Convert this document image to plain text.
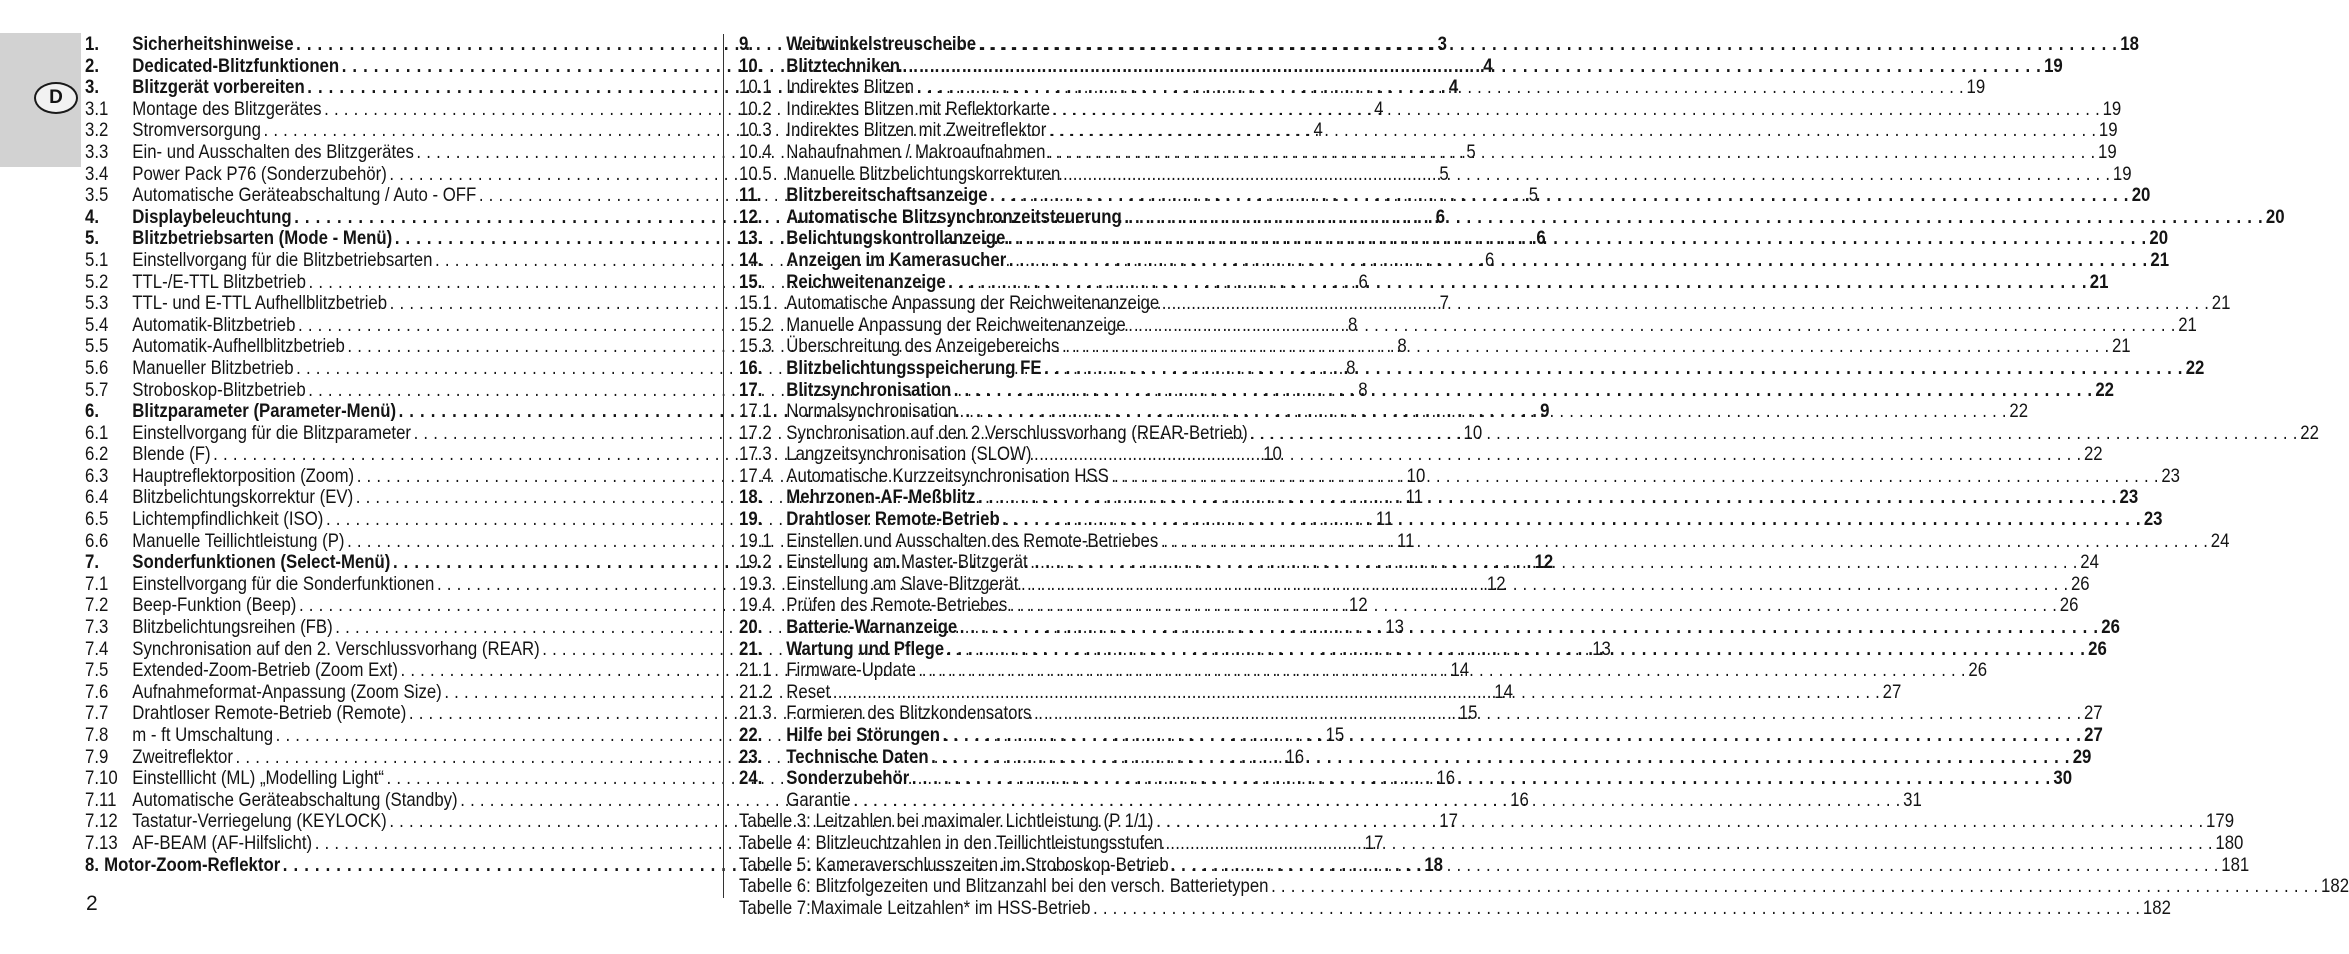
D
1.	Sicherheitshinweise . . .	3
2.	Dedicated-Blitzfunktionen . . .	4
3.	Blitzgerät vorbereiten . . .	4
3.1	Montage des Blitzgerätes . . .	4
3.2	Stromversorgung . . .	4
3.3	Ein- und Ausschalten des Blitzgerätes . . .	5
3.4	Power Pack P76 (Sonderzubehör) . . .	5
3.5	Automatische Geräteabschaltung / Auto - OFF . . .	5
4.	Displaybeleuchtung . . .	6
5.	Blitzbetriebsarten (Mode - Menü) . . .	6
5.1	Einstellvorgang für die Blitzbetriebsarten . . .	6
5.2	TTL-/E-TTL Blitzbetrieb . . .	6
5.3	TTL- und E-TTL Aufhellblitzbetrieb . . .	7
5.4	Automatik-Blitzbetrieb . . .	8
5.5	Automatik-Aufhellblitzbetrieb . . .	8
5.6	Manueller Blitzbetrieb . . .	8
5.7	Stroboskop-Blitzbetrieb . . .	8
6.	Blitzparameter (Parameter-Menü) . . .	9
6.1	Einstellvorgang für die Blitzparameter . . .	10
6.2	Blende (F) . . .	10
6.3	Hauptreflektorposition (Zoom) . . .	10
6.4	Blitzbelichtungskorrektur (EV) . . .	11
6.5	Lichtempfindlichkeit (ISO) . . .	11
6.6	Manuelle Teillichtleistung (P) . . .	11
7.	Sonderfunktionen (Select-Menü) . . .	12
7.1	Einstellvorgang für die Sonderfunktionen . . .	12
7.2	Beep-Funktion (Beep) . . .	12
7.3	Blitzbelichtungsreihen (FB) . . .	13
7.4	Synchronisation auf den 2. Verschlussvorhang (REAR) . . .	13
7.5	Extended-Zoom-Betrieb (Zoom Ext) . . .	14
7.6	Aufnahmeformat-Anpassung (Zoom Size) . . .	14
7.7	Drahtloser Remote-Betrieb (Remote) . . .	15
7.8	m - ft Umschaltung . . .	15
7.9	Zweitreflektor . . .	16
7.10 Einstelllicht (ML) „Modelling Light“ . . .	16
7.11 Automatische Geräteabschaltung (Standby) . . .	16
7.12 Tastatur-Verriegelung (KEYLOCK) . . .	17
7.13 AF-BEAM (AF-Hilfslicht) . . .	17
8. Motor-Zoom-Reflektor . . .	18
9.	Weitwinkelstreuscheibe . . .	18
10.	Blitztechniken . . .	19
10.1 Indirektes Blitzen . . .	19
10.2 Indirektes Blitzen mit Reflektorkarte . . .	19
10.3 Indirektes Blitzen mit Zweitreflektor . . .	19
10.4 Nahaufnahmen / Makroaufnahmen . . .	19
10.5 Manuelle Blitzbelichtungskorrekturen . . .	19
11.	Blitzbereitschaftsanzeige . . .	20
12.	Automatische Blitzsynchronzeitsteuerung . . .	20
13.	Belichtungskontrollanzeige . . .	20
14.	Anzeigen im Kamerasucher . . .	21
15.	Reichweitenanzeige . . .	21
15.1 Automatische Anpassung der Reichweitenanzeige . . .	21
15.2 Manuelle Anpassung der Reichweitenanzeige . . .	21
15.3 Überschreitung des Anzeigebereichs . . .	21
16.	Blitzbelichtungsspeicherung FE . . .	22
17.	Blitzsynchronisation . . .	22
17.1 Normalsynchronisation . . .	22
17.2 Synchronisation auf den 2.Verschlussvorhang (REAR-Betrieb) . . .	22
17.3 Langzeitsynchronisation (SLOW) . . .	22
17.4 Automatische Kurzzeitsynchronisation HSS . . .	23
18.	Mehrzonen-AF-Meßblitz . . .	23
19.	Drahtloser Remote-Betrieb . . .	23
19.1 Einstellen und Ausschalten des Remote-Betriebes . . .	24
19.2 Einstellung am Master-Blitzgerät . . .	24
19.3 Einstellung am Slave-Blitzgerät . . .	26
19.4 Prüfen des Remote-Betriebes . . .	26
20.	Batterie-Warnanzeige . . .	26
21.	Wartung und Pflege . . .	26
21.1 Firmware-Update . . .	26
21.2 Reset . . .	27
21.3 Formieren des Blitzkondensators . . .	27
22.	Hilfe bei Störungen . . .	27
23.	Technische Daten . . .	29
24.	Sonderzubehör . . .	30
Garantie . . .	31
Tabelle 3: Leitzahlen bei maximaler Lichtleistung (P 1/1) . . .	179
Tabelle 4: Blitzleuchtzahlen in den Teillichtleistungsstufen . . .	180
Tabelle 5: Kameraverschlusszeiten im Stroboskop-Betrieb . . .	181
Tabelle 6: Blitzfolgezeiten und Blitzanzahl bei den versch. Batterietypen . . .	182
Tabelle 7:Maximale Leitzahlen* im HSS-Betrieb . . .	182
2
